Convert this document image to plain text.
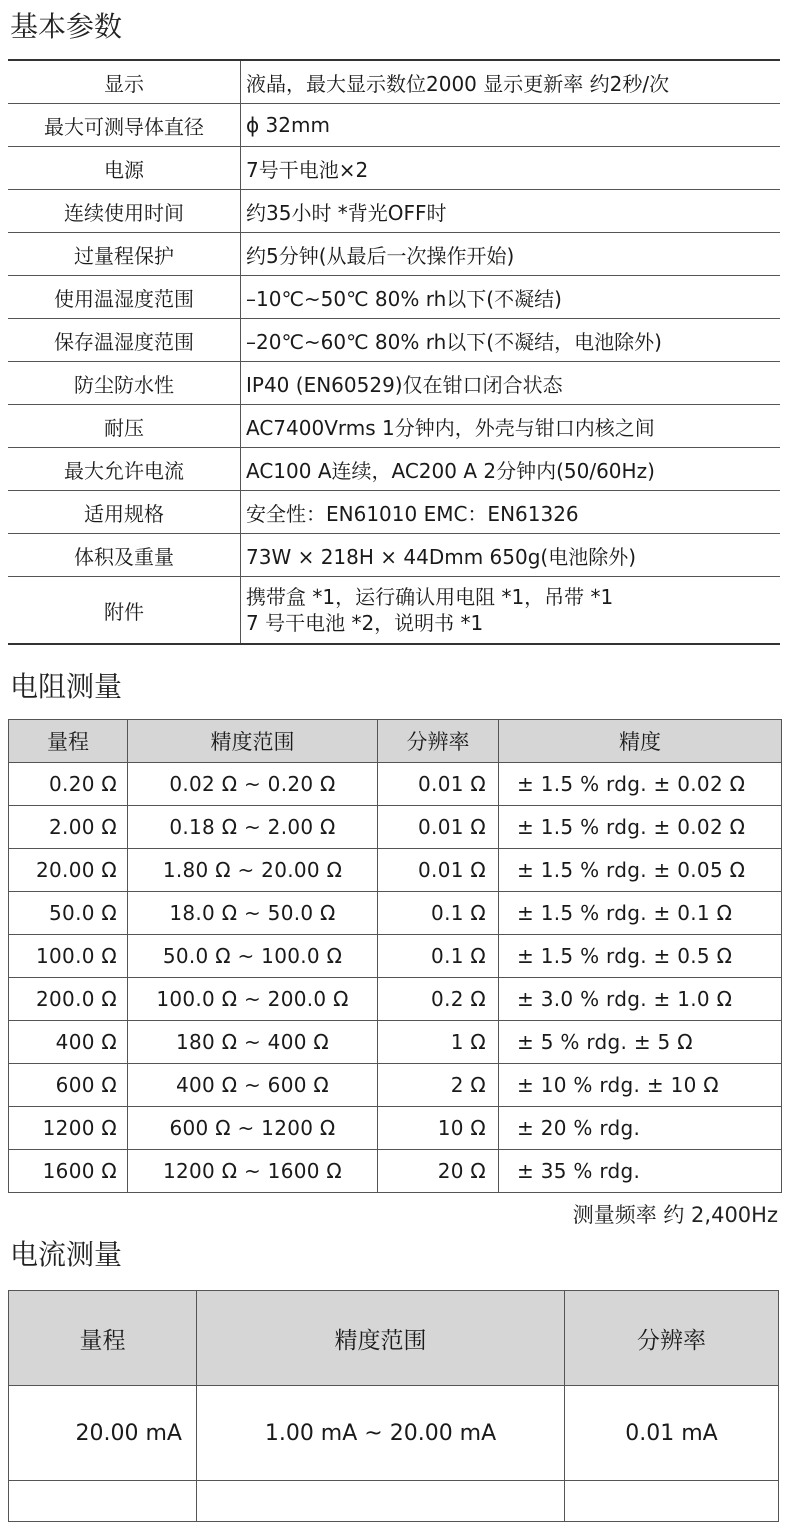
基本参数
显示	液晶，最大显示数位2000 显示更新率 约2秒/次
最大可测导体直径	ϕ 32mm
电源	7号干电池×2
连续使用时间	约35小时 *背光OFF时
过量程保护	约5分钟(从最后一次操作开始)
使用温湿度范围	–10℃~50℃ 80% rh以下(不凝结)
保存温湿度范围	–20℃~60℃ 80% rh以下(不凝结，电池除外)
防尘防水性	IP40 (EN60529)仅在钳口闭合状态
耐压	AC7400Vrms 1分钟内，外壳与钳口内核之间
最大允许电流	AC100 A连续，AC200 A 2分钟内(50/60Hz)
适用规格	安全性：EN61010 EMC：EN61326
体积及重量	73W × 218H × 44Dmm 650g(电池除外)
附件	携带盒 *1，运行确认用电阻 *1，吊带 *1
7 号干电池 *2，说明书 *1
电阻测量
量程	精度范围	分辨率	精度
0.20 Ω	0.02 Ω ~ 0.20 Ω	0.01 Ω	± 1.5 % rdg. ± 0.02 Ω
2.00 Ω	0.18 Ω ~ 2.00 Ω	0.01 Ω	± 1.5 % rdg. ± 0.02 Ω
20.00 Ω	1.80 Ω ~ 20.00 Ω	0.01 Ω	± 1.5 % rdg. ± 0.05 Ω
50.0 Ω	18.0 Ω ~ 50.0 Ω	0.1 Ω	± 1.5 % rdg. ± 0.1 Ω
100.0 Ω	50.0 Ω ~ 100.0 Ω	0.1 Ω	± 1.5 % rdg. ± 0.5 Ω
200.0 Ω	100.0 Ω ~ 200.0 Ω	0.2 Ω	± 3.0 % rdg. ± 1.0 Ω
400 Ω	180 Ω ~ 400 Ω	1 Ω	± 5 % rdg. ± 5 Ω
600 Ω	400 Ω ~ 600 Ω	2 Ω	± 10 % rdg. ± 10 Ω
1200 Ω	600 Ω ~ 1200 Ω	10 Ω	± 20 % rdg.
1600 Ω	1200 Ω ~ 1600 Ω	20 Ω	± 35 % rdg.
测量频率 约 2,400Hz
电流测量
量程	精度范围	分辨率
20.00 mA	1.00 mA ~ 20.00 mA	0.01 mA
